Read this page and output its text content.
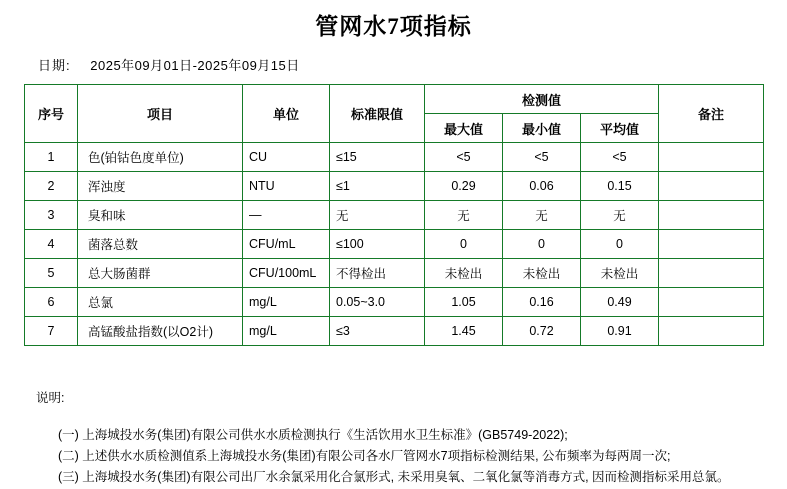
管网水7项指标
日期: 2025年09月01日-2025年09月15日
序号	项目	单位	标准限值	检测值			备注
				最大值	最小值	平均值	
1	色(铂钴色度单位)	CU	≤15	<5	<5	<5	
2	浑浊度	NTU	≤1	0.29	0.06	0.15	
3	臭和味	—	无	无	无	无	
4	菌落总数	CFU/mL	≤100	0	0	0	
5	总大肠菌群	CFU/100mL	不得检出	未检出	未检出	未检出	
6	总氯	mg/L	0.05~3.0	1.05	0.16	0.49	
7	高锰酸盐指数(以O2计)	mg/L	≤3	1.45	0.72	0.91	

说明:

(一) 上海城投水务(集团)有限公司供水水质检测执行《生活饮用水卫生标准》(GB5749-2022);

(二) 上述供水水质检测值系上海城投水务(集团)有限公司各水厂管网水7项指标检测结果, 公布频率为每两周一次;

(三) 上海城投水务(集团)有限公司出厂水余氯采用化合氯形式, 未采用臭氧、二氧化氯等消毒方式, 因而检测指标采用总氯。
